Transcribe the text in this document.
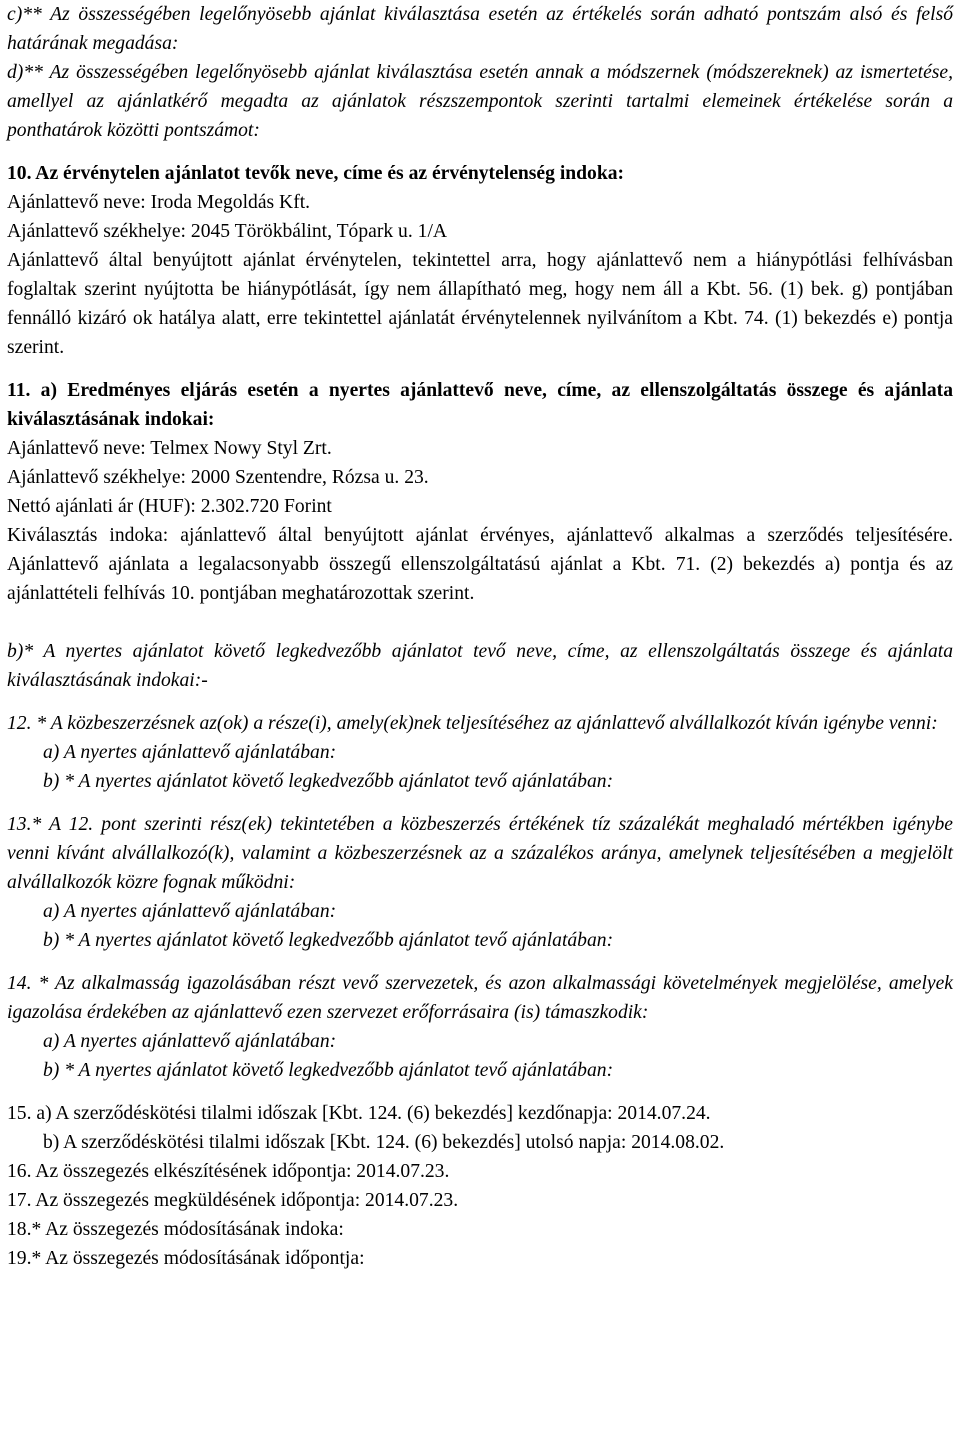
c)** Az összességében legelőnyösebb ajánlat kiválasztása esetén az értékelés során adható pontszám alsó és felső határának megadása:

d)** Az összességében legelőnyösebb ajánlat kiválasztása esetén annak a módszernek (módszereknek) az ismertetése, amellyel az ajánlatkérő megadta az ajánlatok részszempontok szerinti tartalmi elemeinek értékelése során a ponthatárok közötti pontszámot:

10. Az érvénytelen ajánlatot tevők neve, címe és az érvénytelenség indoka:

Ajánlattevő neve: Iroda Megoldás Kft.

Ajánlattevő székhelye: 2045 Törökbálint, Tópark u. 1/A

Ajánlattevő által benyújtott ajánlat érvénytelen, tekintettel arra, hogy ajánlattevő nem a hiánypótlási felhívásban foglaltak szerint nyújtotta be hiánypótlását, így nem állapítható meg, hogy nem áll a Kbt. 56. (1) bek. g) pontjában fennálló kizáró ok hatálya alatt, erre tekintettel ajánlatát érvénytelennek nyilvánítom a Kbt. 74. (1) bekezdés e) pontja szerint.

11. a) Eredményes eljárás esetén a nyertes ajánlattevő neve, címe, az ellenszolgáltatás összege és ajánlata kiválasztásának indokai:

Ajánlattevő neve: Telmex Nowy Styl Zrt.

Ajánlattevő székhelye: 2000 Szentendre, Rózsa u. 23.

Nettó ajánlati ár (HUF): 2.302.720 Forint

Kiválasztás indoka: ajánlattevő által benyújtott ajánlat érvényes, ajánlattevő alkalmas a szerződés teljesítésére. Ajánlattevő ajánlata a legalacsonyabb összegű ellenszolgáltatású ajánlat a Kbt. 71. (2) bekezdés a) pontja és az ajánlattételi felhívás 10. pontjában meghatározottak szerint.

b)* A nyertes ajánlatot követő legkedvezőbb ajánlatot tevő neve, címe, az ellenszolgáltatás összege és ajánlata kiválasztásának indokai:-

12. * A közbeszerzésnek az(ok) a része(i), amely(ek)nek teljesítéséhez az ajánlattevő alvállalkozót kíván igénybe venni:

a) A nyertes ajánlattevő ajánlatában:

b) * A nyertes ajánlatot követő legkedvezőbb ajánlatot tevő ajánlatában:

13.* A 12. pont szerinti rész(ek) tekintetében a közbeszerzés értékének tíz százalékát meghaladó mértékben igénybe venni kívánt alvállalkozó(k), valamint a közbeszerzésnek az a százalékos aránya, amelynek teljesítésében a megjelölt alvállalkozók közre fognak működni:

a) A nyertes ajánlattevő ajánlatában:

b) * A nyertes ajánlatot követő legkedvezőbb ajánlatot tevő ajánlatában:

14. * Az alkalmasság igazolásában részt vevő szervezetek, és azon alkalmassági követelmények megjelölése, amelyek igazolása érdekében az ajánlattevő ezen szervezet erőforrásaira (is) támaszkodik:

a) A nyertes ajánlattevő ajánlatában:

b) * A nyertes ajánlatot követő legkedvezőbb ajánlatot tevő ajánlatában:

15. a) A szerződéskötési tilalmi időszak [Kbt. 124. (6) bekezdés] kezdőnapja: 2014.07.24.

b) A szerződéskötési tilalmi időszak [Kbt. 124. (6) bekezdés] utolsó napja: 2014.08.02.

16. Az összegezés elkészítésének időpontja: 2014.07.23.

17. Az összegezés megküldésének időpontja: 2014.07.23.

18.* Az összegezés módosításának indoka:

19.* Az összegezés módosításának időpontja:
